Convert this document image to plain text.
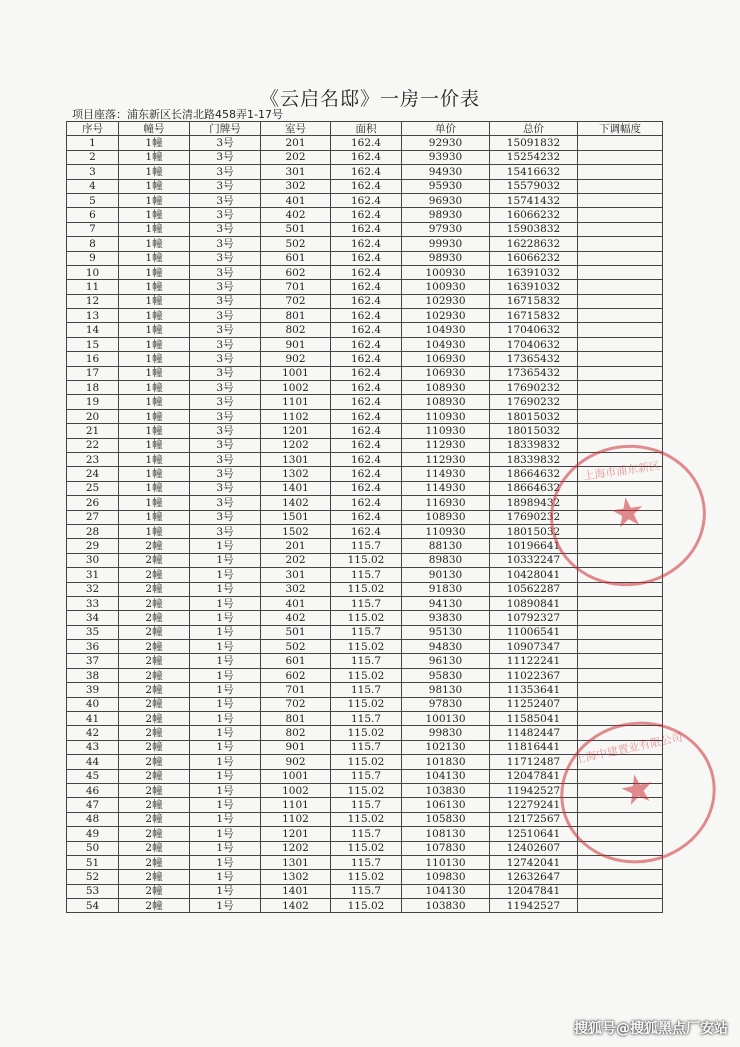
《云启名邸》一房一价表
项目座落：浦东新区长清北路458弄1-17号
序号	幢号	门牌号	室号	面积	单价	总价	下调幅度
1	1幢	3号	201	162.4	92930	15091832	
2	1幢	3号	202	162.4	93930	15254232	
3	1幢	3号	301	162.4	94930	15416632	
4	1幢	3号	302	162.4	95930	15579032	
5	1幢	3号	401	162.4	96930	15741432	
6	1幢	3号	402	162.4	98930	16066232	
7	1幢	3号	501	162.4	97930	15903832	
8	1幢	3号	502	162.4	99930	16228632	
9	1幢	3号	601	162.4	98930	16066232	
10	1幢	3号	602	162.4	100930	16391032	
11	1幢	3号	701	162.4	100930	16391032	
12	1幢	3号	702	162.4	102930	16715832	
13	1幢	3号	801	162.4	102930	16715832	
14	1幢	3号	802	162.4	104930	17040632	
15	1幢	3号	901	162.4	104930	17040632	
16	1幢	3号	902	162.4	106930	17365432	
17	1幢	3号	1001	162.4	106930	17365432	
18	1幢	3号	1002	162.4	108930	17690232	
19	1幢	3号	1101	162.4	108930	17690232	
20	1幢	3号	1102	162.4	110930	18015032	
21	1幢	3号	1201	162.4	110930	18015032	
22	1幢	3号	1202	162.4	112930	18339832	
23	1幢	3号	1301	162.4	112930	18339832	
24	1幢	3号	1302	162.4	114930	18664632	
25	1幢	3号	1401	162.4	114930	18664632	
26	1幢	3号	1402	162.4	116930	18989432	
27	1幢	3号	1501	162.4	108930	17690232	
28	1幢	3号	1502	162.4	110930	18015032	
29	2幢	1号	201	115.7	88130	10196641	
30	2幢	1号	202	115.02	89830	10332247	
31	2幢	1号	301	115.7	90130	10428041	
32	2幢	1号	302	115.02	91830	10562287	
33	2幢	1号	401	115.7	94130	10890841	
34	2幢	1号	402	115.02	93830	10792327	
35	2幢	1号	501	115.7	95130	11006541	
36	2幢	1号	502	115.02	94830	10907347	
37	2幢	1号	601	115.7	96130	11122241	
38	2幢	1号	602	115.02	95830	11022367	
39	2幢	1号	701	115.7	98130	11353641	
40	2幢	1号	702	115.02	97830	11252407	
41	2幢	1号	801	115.7	100130	11585041	
42	2幢	1号	802	115.02	99830	11482447	
43	2幢	1号	901	115.7	102130	11816441	
44	2幢	1号	902	115.02	101830	11712487	
45	2幢	1号	1001	115.7	104130	12047841	
46	2幢	1号	1002	115.02	103830	11942527	
47	2幢	1号	1101	115.7	106130	12279241	
48	2幢	1号	1102	115.02	105830	12172567	
49	2幢	1号	1201	115.7	108130	12510641	
50	2幢	1号	1202	115.02	107830	12402607	
51	2幢	1号	1301	115.7	110130	12742041	
52	2幢	1号	1302	115.02	109830	12632647	
53	2幢	1号	1401	115.7	104130	12047841	
54	2幢	1号	1402	115.02	103830	11942527	
上海市浦东新区
★
上海中建置业有限公司
★
搜狐号@搜狐黑点厂安站
